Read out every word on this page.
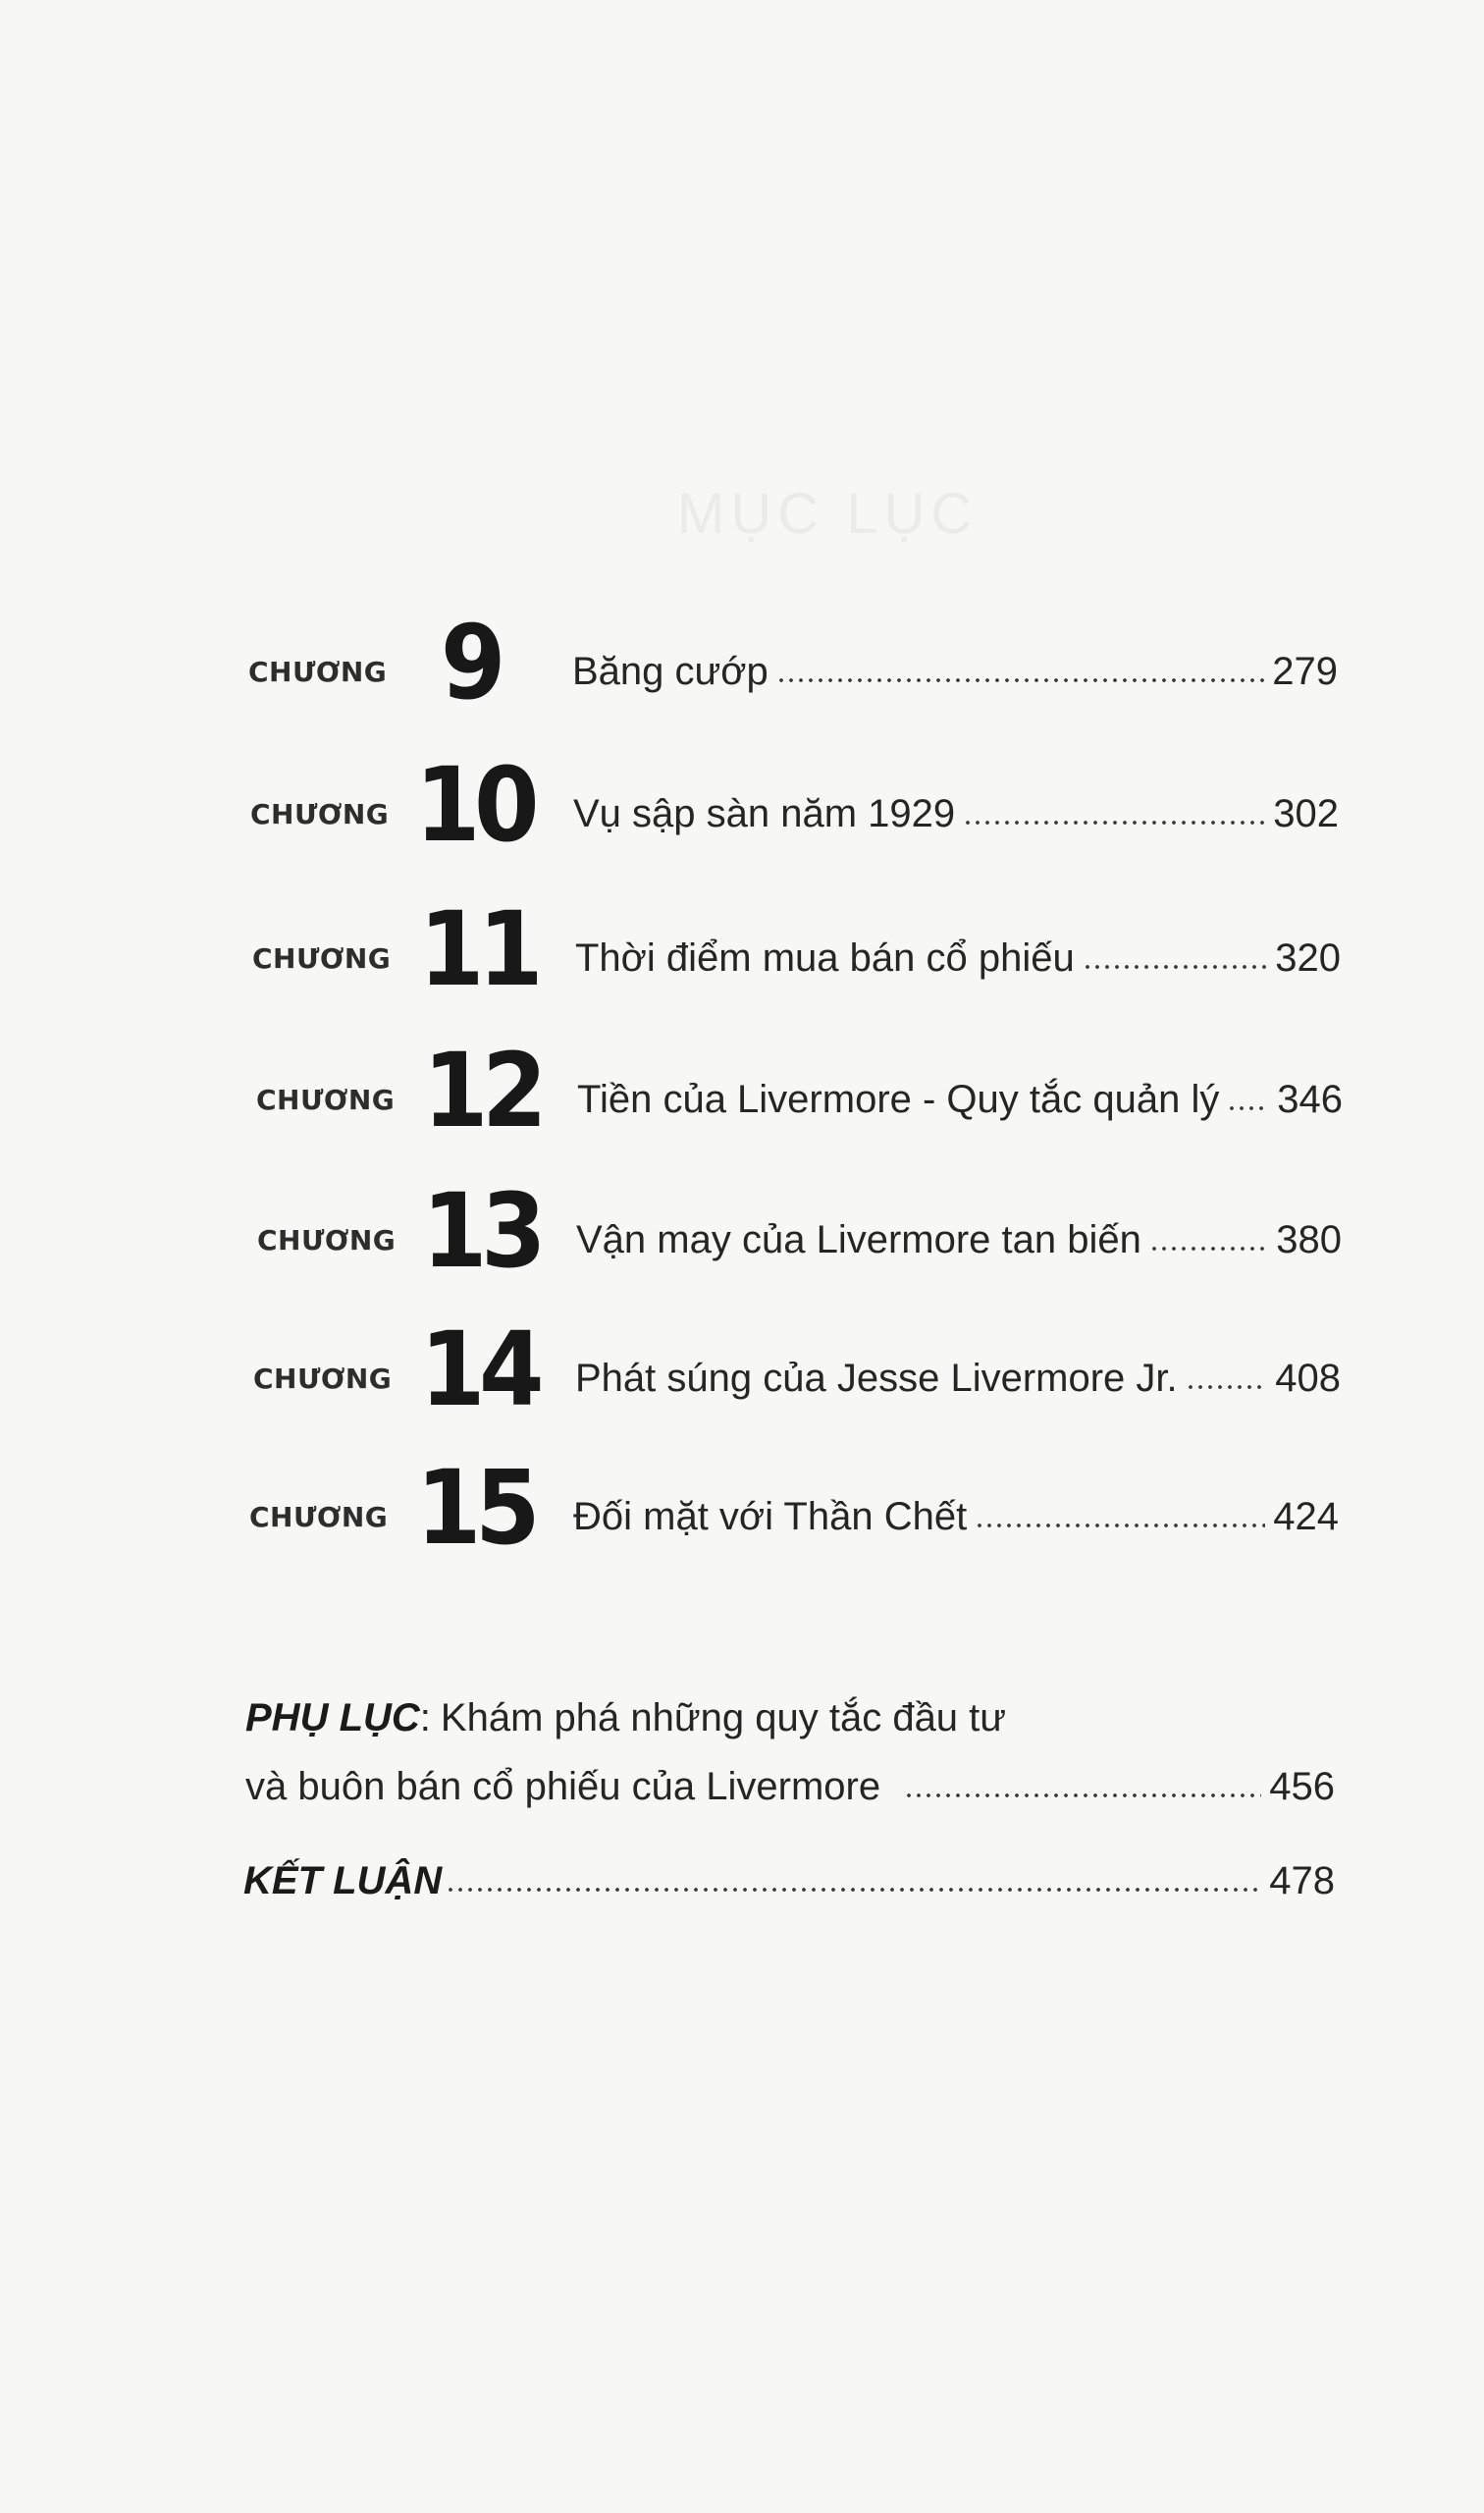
MỤC LỤC
CHƯƠNG 9	Băng cướp	279
CHƯƠNG 10 Vụ sập sàn năm 1929	302
CHƯƠNG 11 Thời điểm mua bán cổ phiếu	320
CHƯƠNG 12 Tiền của Livermore - Quy tắc quản lý 346
CHƯƠNG 13 Vận may của Livermore tan biến	380
CHƯƠNG 14 Phát súng của Jesse Livermore Jr. 408
CHƯƠNG 15 Đối mặt với Thần Chết	424
PHỤ LỤC : Khám phá những quy tắc đầu tư
và buôn bán cổ phiếu của Livermore	456
KẾT LUẬN	478
